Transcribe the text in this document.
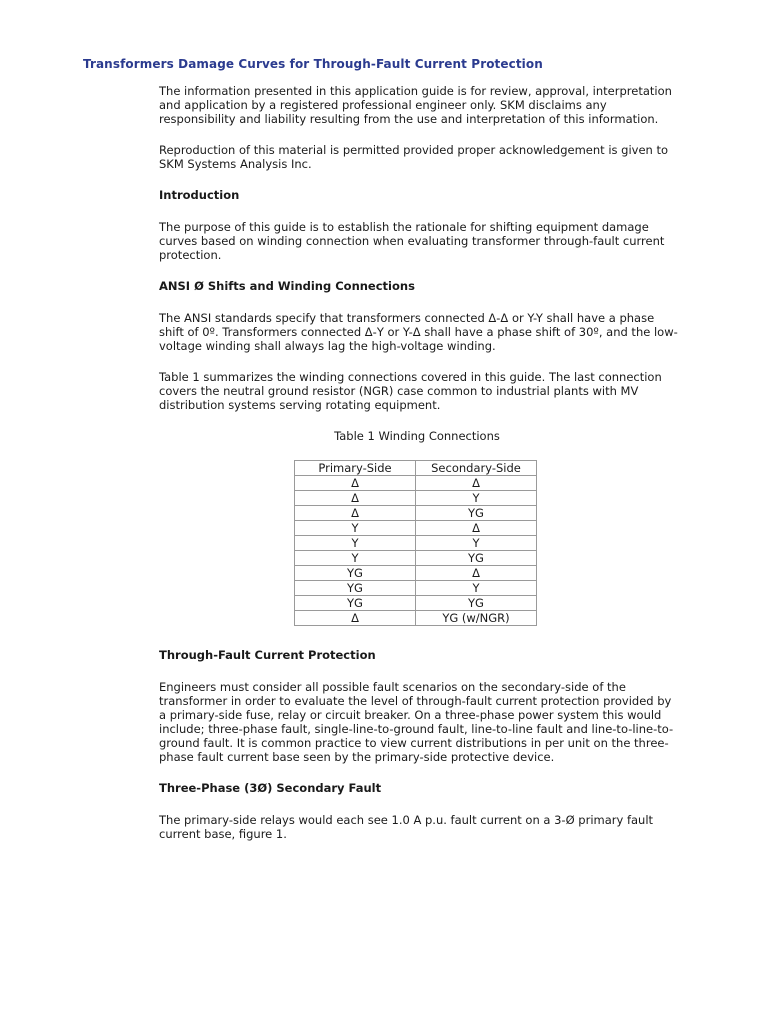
Transformers Damage Curves for Through-Fault Current Protection

The information presented in this application guide is for review, approval, interpretation and application by a registered professional engineer only. SKM disclaims any responsibility and liability resulting from the use and interpretation of this information.

Reproduction of this material is permitted provided proper acknowledgement is given to SKM Systems Analysis Inc.

Introduction

The purpose of this guide is to establish the rationale for shifting equipment damage curves based on winding connection when evaluating transformer through-fault current protection.

ANSI Ø Shifts and Winding Connections

The ANSI standards specify that transformers connected Δ-Δ or Y-Y shall have a phase shift of 0º. Transformers connected Δ-Y or Y-Δ shall have a phase shift of 30º, and the low-voltage winding shall always lag the high-voltage winding.

Table 1 summarizes the winding connections covered in this guide. The last connection covers the neutral ground resistor (NGR) case common to industrial plants with MV distribution systems serving rotating equipment.

Table 1 Winding Connections
Primary-Side	Secondary-Side
Δ	Δ
Δ	Y
Δ	YG
Y	Δ
Y	Y
Y	YG
YG	Δ
YG	Y
YG	YG
Δ	YG (w/NGR)
Through-Fault Current Protection

Engineers must consider all possible fault scenarios on the secondary-side of the transformer in order to evaluate the level of through-fault current protection provided by a primary-side fuse, relay or circuit breaker. On a three-phase power system this would include; three-phase fault, single-line-to-ground fault, line-to-line fault and line-to-line-to-ground fault. It is common practice to view current distributions in per unit on the three-phase fault current base seen by the primary-side protective device.

Three-Phase (3Ø) Secondary Fault

The primary-side relays would each see 1.0 A p.u. fault current on a 3-Ø primary fault current base, figure 1.
